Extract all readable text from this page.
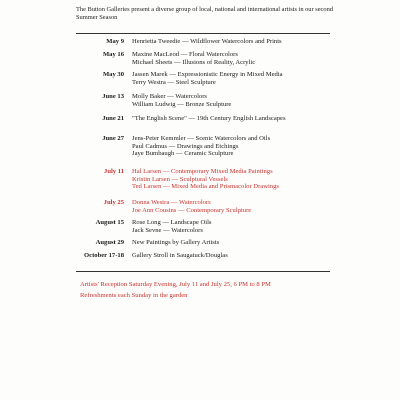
The Button Galleries present a diverse group of local, national and international artists in our second Summer Season
May 9 Henrietta Tweedie — Wildflower Watercolors and Prints
May 16 Maxine MacLeod — Floral Watercolors
Michael Sheets — Illusions of Reality, Acrylic
May 30 Jassen Marek — Expressionistic Energy in Mixed Media
Terry Westra — Steel Sculpture
June 13 Molly Baker — Watercolors
William Ludwig — Bronze Sculpture
June 21 "The English Scene" — 19th Century English Landscapes
June 27 Jens-Peter Kemmler — Scenic Watercolors and Oils
Paul Cadmus — Drawings and Etchings
Jaye Bumbaugh — Ceramic Sculpture
July 11 Hal Larsen — Contemporary Mixed Media Paintings
Kristin Larsen — Sculptural Vessels
Ted Larsen — Mixed Media and Prismacolor Drawings
July 25 Donna Westra — Watercolors
Joe Ann Cousins — Contemporary Sculpture
August 15 Rose Long — Landscape Oils
Jack Sevne — Watercolors
August 29 New Paintings by Gallery Artists
October 17-18 Gallery Stroll in Saugatuck/Douglas
Artists' Reception Saturday Evening, July 11 and July 25, 6 PM to 8 PM
Refreshments each Sunday in the garden
